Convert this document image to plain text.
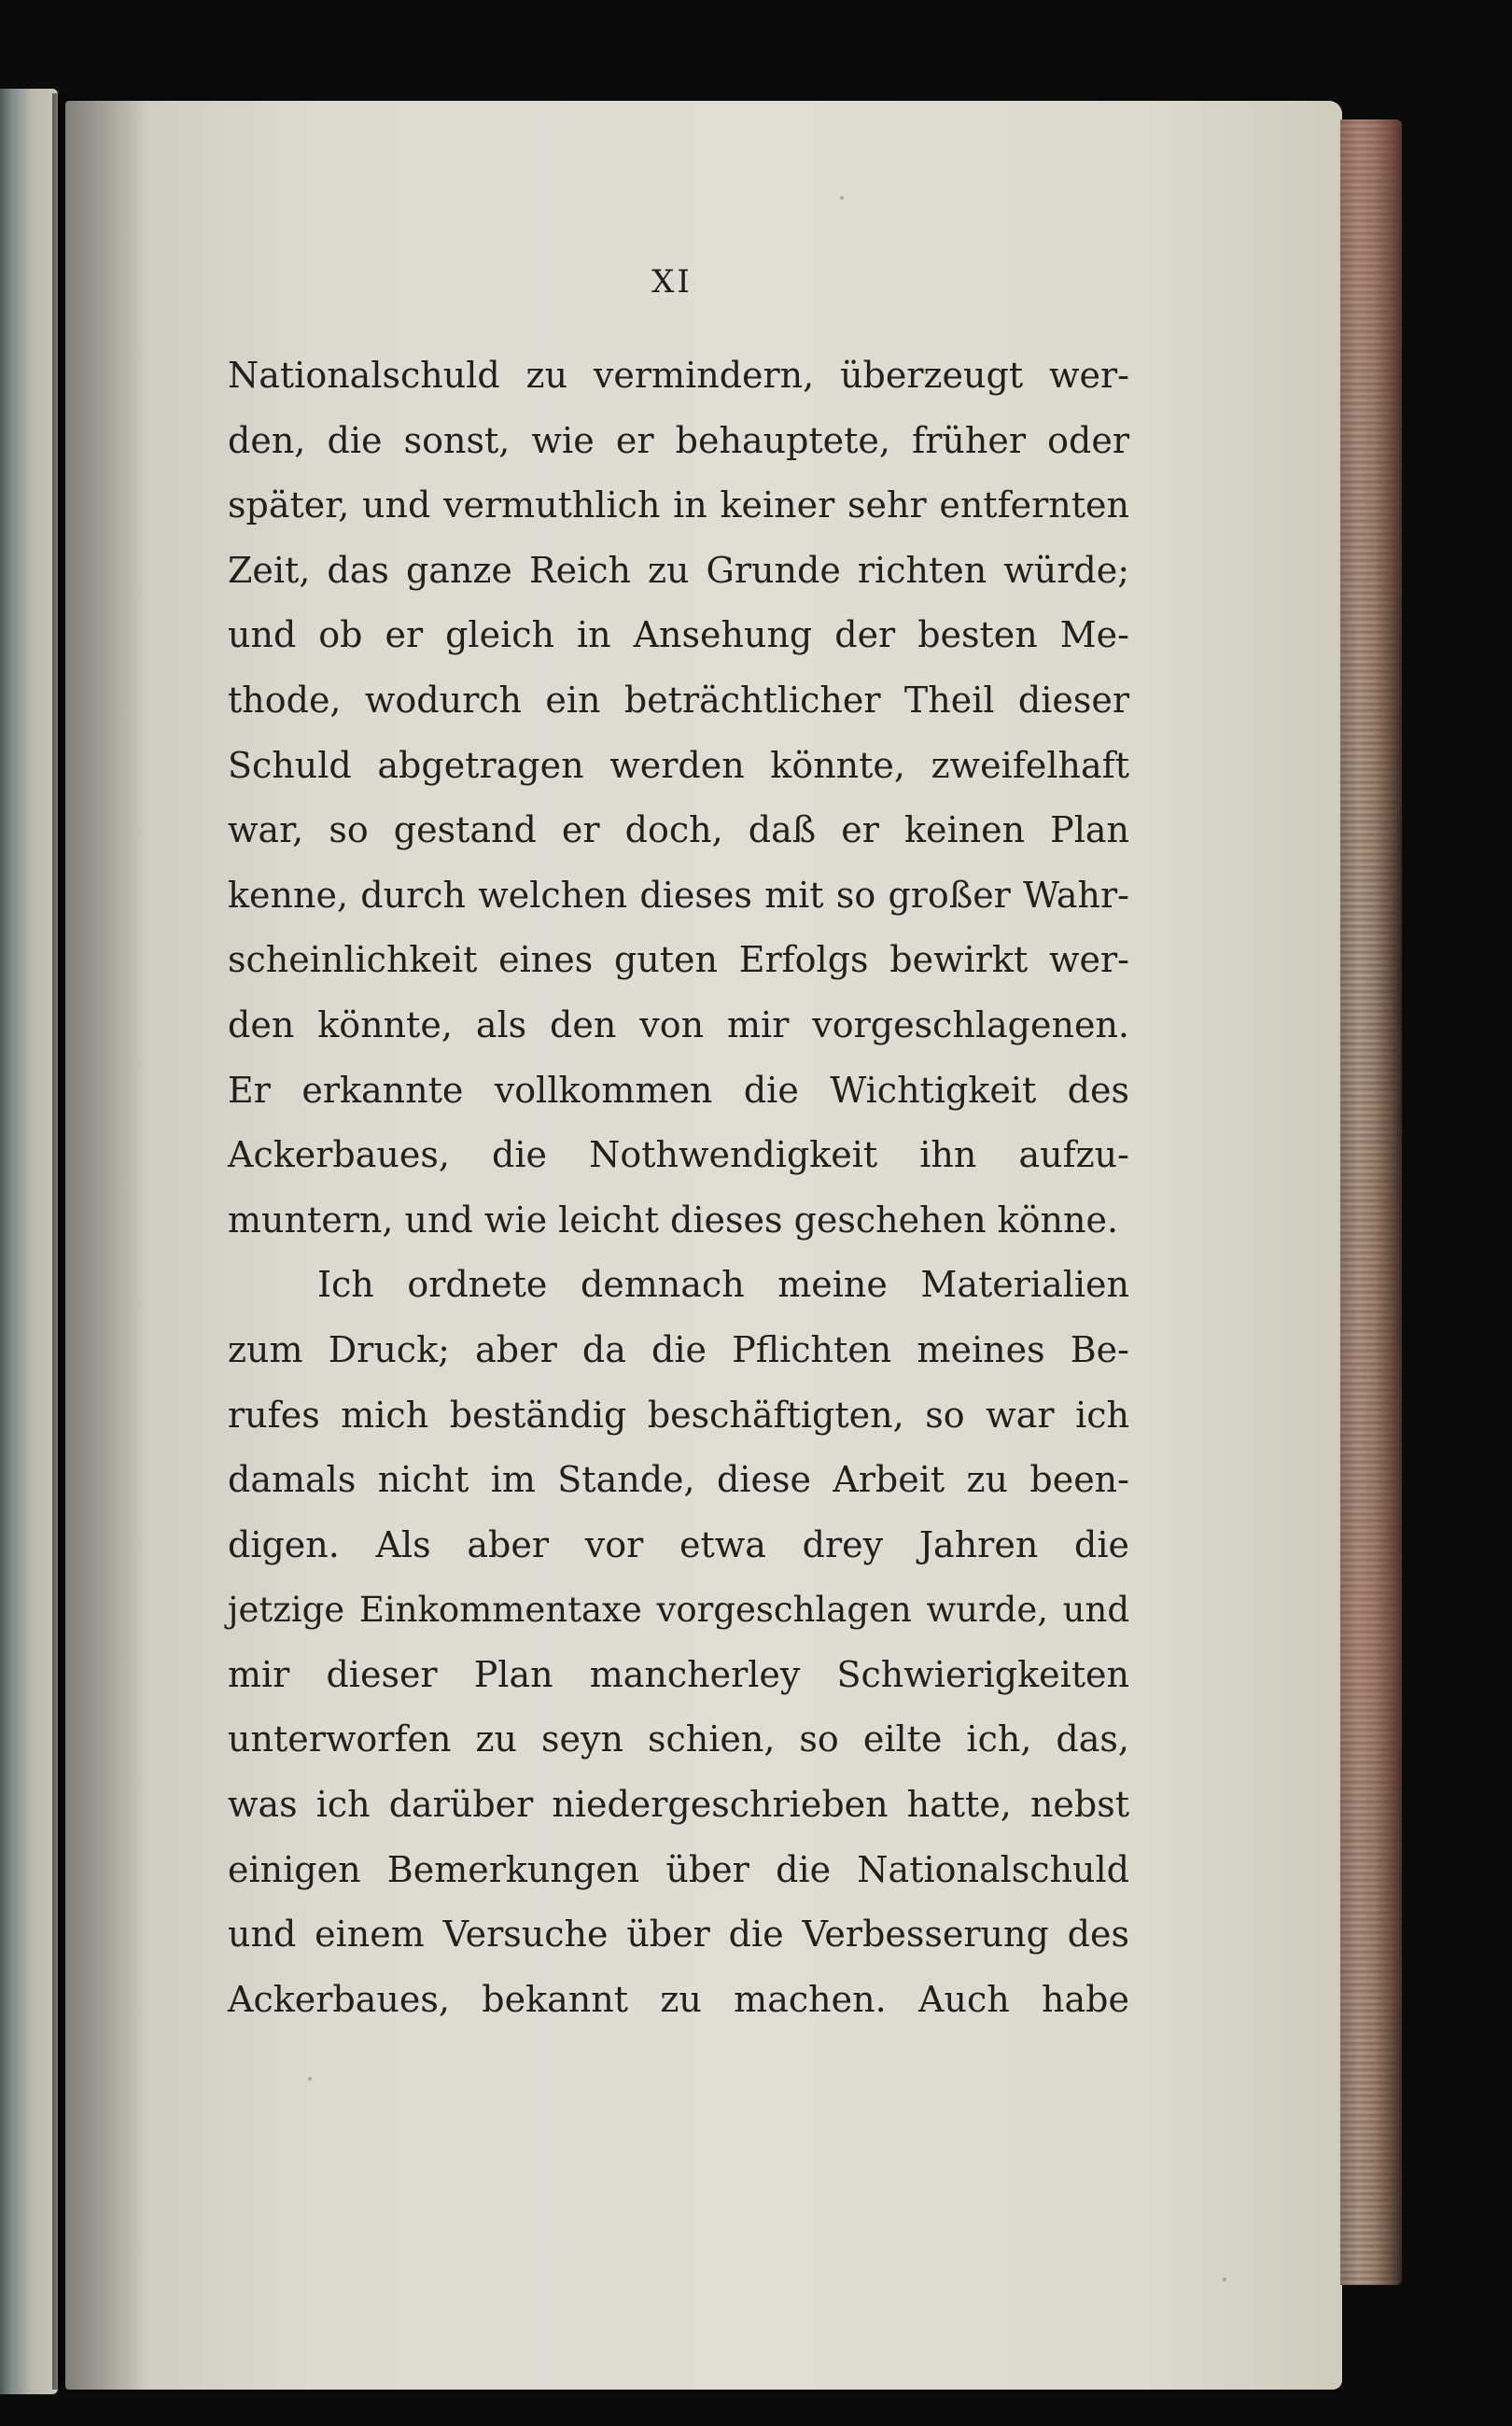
XI
Nationalschuld zu vermindern, überzeugt wer-
den, die sonst, wie er behauptete, früher oder
später, und vermuthlich in keiner sehr entfernten
Zeit, das ganze Reich zu Grunde richten würde;
und ob er gleich in Ansehung der besten Me-
thode, wodurch ein beträchtlicher Theil dieser
Schuld abgetragen werden könnte, zweifelhaft
war, so gestand er doch, daß er keinen Plan
kenne, durch welchen dieses mit so großer Wahr-
scheinlichkeit eines guten Erfolgs bewirkt wer-
den könnte, als den von mir vorgeschlagenen.
Er erkannte vollkommen die Wichtigkeit des
Ackerbaues, die Nothwendigkeit ihn aufzu-
muntern, und wie leicht dieses geschehen könne.
Ich ordnete demnach meine Materialien
zum Druck; aber da die Pflichten meines Be-
rufes mich beständig beschäftigten, so war ich
damals nicht im Stande, diese Arbeit zu been-
digen. Als aber vor etwa drey Jahren die
jetzige Einkommentaxe vorgeschlagen wurde, und
mir dieser Plan mancherley Schwierigkeiten
unterworfen zu seyn schien, so eilte ich, das,
was ich darüber niedergeschrieben hatte, nebst
einigen Bemerkungen über die Nationalschuld
und einem Versuche über die Verbesserung des
Ackerbaues, bekannt zu machen. Auch habe
